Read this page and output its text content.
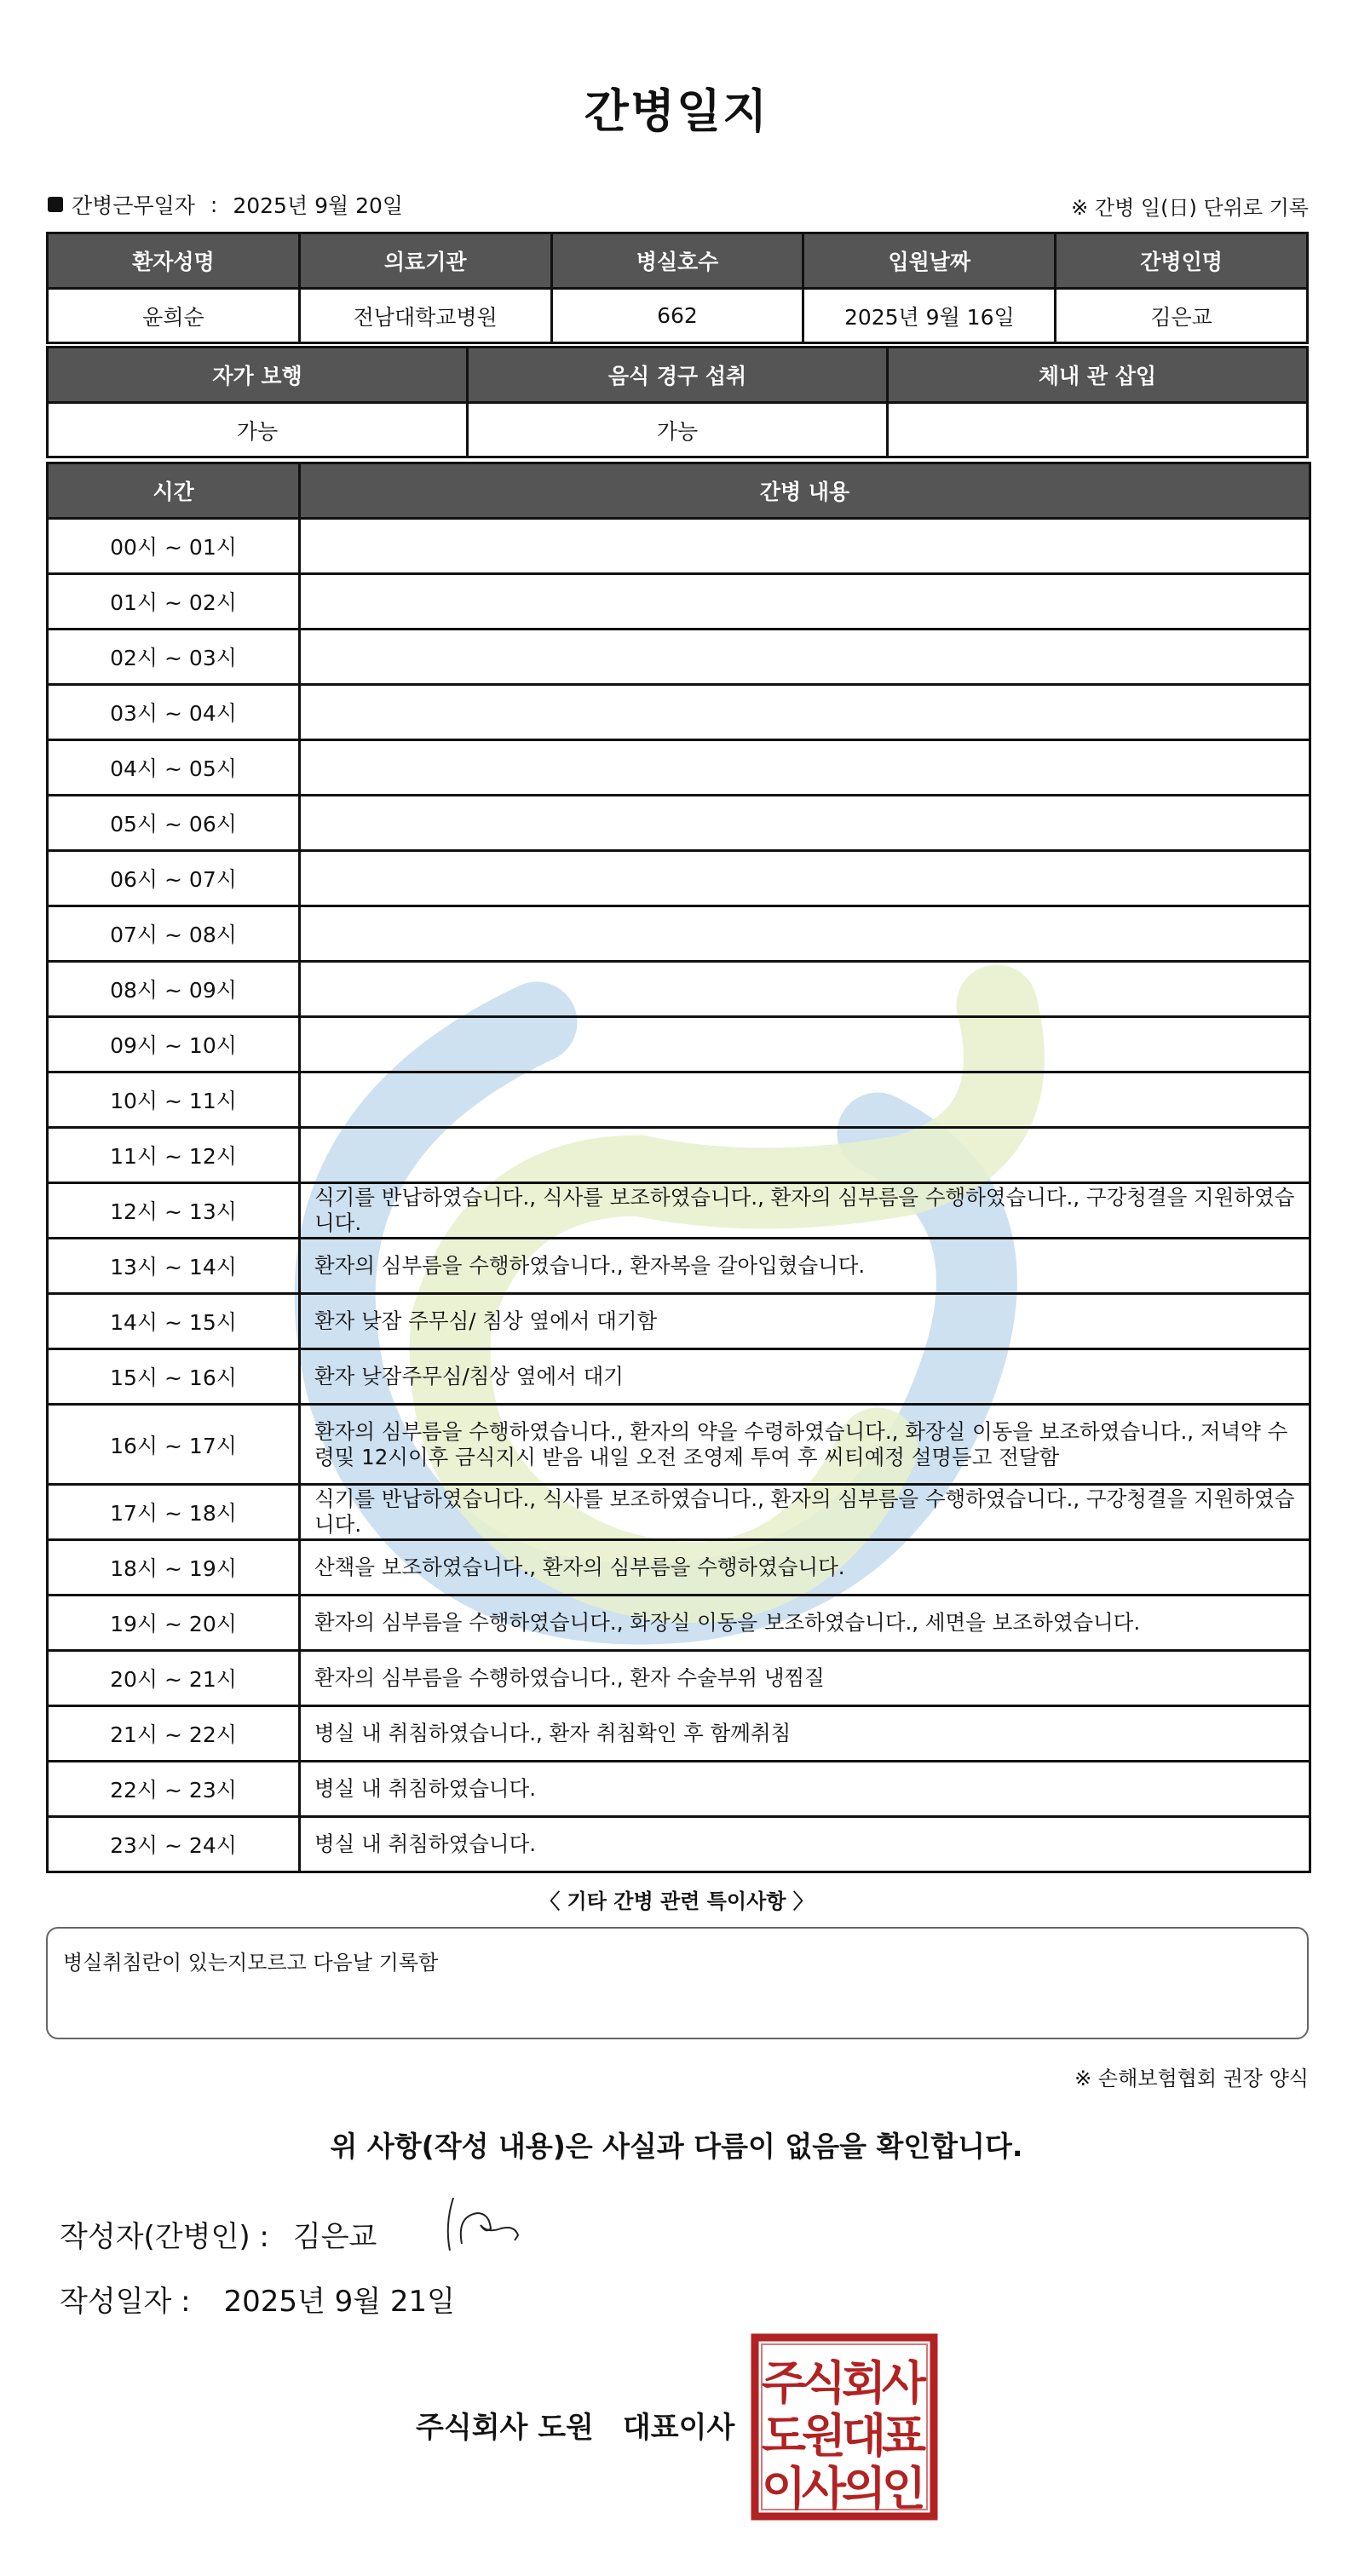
간병일지
간병근무일자 : 2025년 9월 20일	※ 간병 일(日) 단위로 기록
환자성명	의료기관	병실호수	입원날짜	간병인명
윤희순	전남대학교병원	662	2025년 9월 16일	김은교
자가 보행	음식 경구 섭취	체내 관 삽입
가능	가능	
시간	간병 내용
00시 ~ 01시	
01시 ~ 02시	
02시 ~ 03시	
03시 ~ 04시	
04시 ~ 05시	
05시 ~ 06시	
06시 ~ 07시	
07시 ~ 08시	
08시 ~ 09시	
09시 ~ 10시	
10시 ~ 11시	
11시 ~ 12시	
12시 ~ 13시	식기를 반납하였습니다., 식사를 보조하였습니다., 환자의 심부름을 수행하였습니다., 구강청결을 지원하였습니다.
13시 ~ 14시	환자의 심부름을 수행하였습니다., 환자복을 갈아입혔습니다.
14시 ~ 15시	환자 낮잠 주무심/ 침상 옆에서 대기함
15시 ~ 16시	환자 낮잠주무심/침상 옆에서 대기
16시 ~ 17시	환자의 심부름을 수행하였습니다., 환자의 약을 수령하였습니다., 화장실 이동을 보조하였습니다., 저녁약 수령및 12시이후 금식지시 받음 내일 오전 조영제 투여 후 씨티예정 설명듣고 전달함
17시 ~ 18시	식기를 반납하였습니다., 식사를 보조하였습니다., 환자의 심부름을 수행하였습니다., 구강청결을 지원하였습니다.
18시 ~ 19시	산책을 보조하였습니다., 환자의 심부름을 수행하였습니다.
19시 ~ 20시	환자의 심부름을 수행하였습니다., 화장실 이동을 보조하였습니다., 세면을 보조하였습니다.
20시 ~ 21시	환자의 심부름을 수행하였습니다., 환자 수술부위 냉찜질
21시 ~ 22시	병실 내 취침하였습니다., 환자 취침확인 후 함께취침
22시 ~ 23시	병실 내 취침하였습니다.
23시 ~ 24시	병실 내 취침하였습니다.
〈 기타 간병 관련 특이사항 〉
병실취침란이 있는지모르고 다음날 기록함
※ 손해보험협회 권장 양식
위 사항(작성 내용)은 사실과 다름이 없음을 확인합니다.
작성자(간병인) : 김은교
작성일자 : 2025년 9월 21일
주식회사 도원 대표이사
주
식
회
사
도
원
대
표
이
사
의
인
